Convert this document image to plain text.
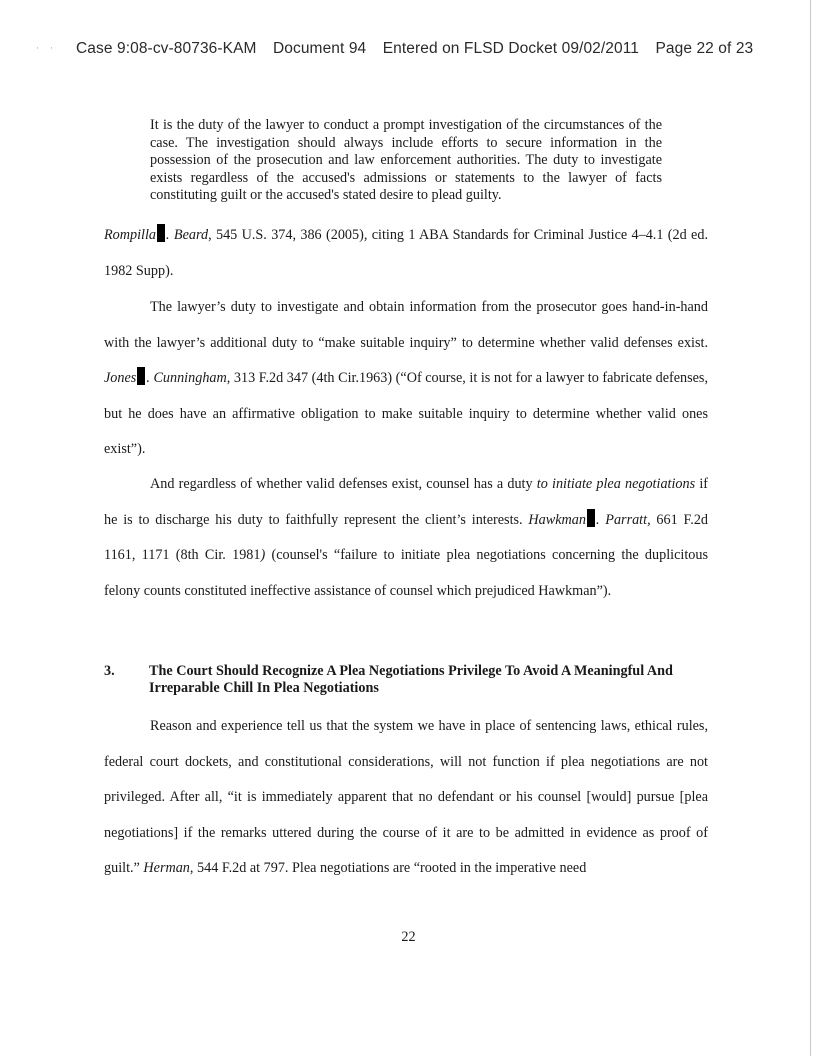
· · Case 9:08-cv-80736-KAM Document 94 Entered on FLSD Docket 09/02/2011 Page 22 of 23
It is the duty of the lawyer to conduct a prompt investigation of the circumstances of the case. The investigation should always include efforts to secure information in the possession of the prosecution and law enforcement authorities. The duty to investigate exists regardless of the accused's admissions or statements to the lawyer of facts constituting guilt or the accused's stated desire to plead guilty.

Rompilla . Beard, 545 U.S. 374, 386 (2005), citing 1 ABA Standards for Criminal Justice 4–4.1 (2d ed. 1982 Supp).

The lawyer’s duty to investigate and obtain information from the prosecutor goes hand-in-hand with the lawyer’s additional duty to “make suitable inquiry” to determine whether valid defenses exist. Jones . Cunningham, 313 F.2d 347 (4th Cir.1963) (“Of course, it is not for a lawyer to fabricate defenses, but he does have an affirmative obligation to make suitable inquiry to determine whether valid ones exist”).

And regardless of whether valid defenses exist, counsel has a duty to initiate plea negotiations if he is to discharge his duty to faithfully represent the client’s interests. Hawkman . Parratt, 661 F.2d 1161, 1171 (8th Cir. 1981) (counsel's “failure to initiate plea negotiations concerning the duplicitous felony counts constituted ineffective assistance of counsel which prejudiced Hawkman”).

3. The Court Should Recognize A Plea Negotiations Privilege To Avoid A Meaningful And Irreparable Chill In Plea Negotiations

Reason and experience tell us that the system we have in place of sentencing laws, ethical rules, federal court dockets, and constitutional considerations, will not function if plea negotiations are not privileged. After all, “it is immediately apparent that no defendant or his counsel [would] pursue [plea negotiations] if the remarks uttered during the course of it are to be admitted in evidence as proof of guilt.” Herman, 544 F.2d at 797. Plea negotiations are “rooted in the imperative need

22
